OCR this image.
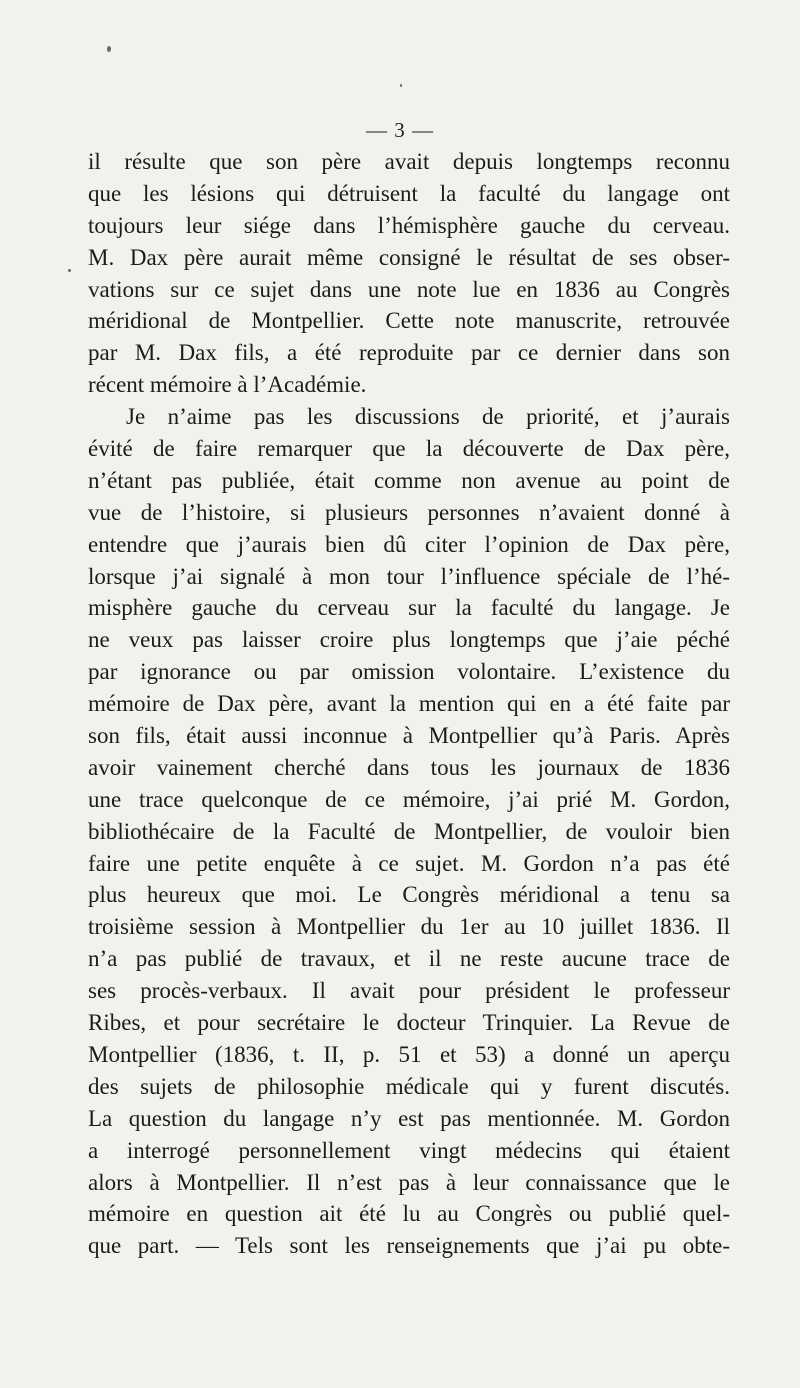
— 3 —
il résulte que son père avait depuis longtemps reconnu
que les lésions qui détruisent la faculté du langage ont
toujours leur siége dans l’hémisphère gauche du cerveau.
M. Dax père aurait même consigné le résultat de ses obser-
vations sur ce sujet dans une note lue en 1836 au Congrès
méridional de Montpellier. Cette note manuscrite, retrouvée
par M. Dax fils, a été reproduite par ce dernier dans son
récent mémoire à l’Académie.
Je n’aime pas les discussions de priorité, et j’aurais
évité de faire remarquer que la découverte de Dax père,
n’étant pas publiée, était comme non avenue au point de
vue de l’histoire, si plusieurs personnes n’avaient donné à
entendre que j’aurais bien dû citer l’opinion de Dax père,
lorsque j’ai signalé à mon tour l’influence spéciale de l’hé-
misphère gauche du cerveau sur la faculté du langage. Je
ne veux pas laisser croire plus longtemps que j’aie péché
par ignorance ou par omission volontaire. L’existence du
mémoire de Dax père, avant la mention qui en a été faite par
son fils, était aussi inconnue à Montpellier qu’à Paris. Après
avoir vainement cherché dans tous les journaux de 1836
une trace quelconque de ce mémoire, j’ai prié M. Gordon,
bibliothécaire de la Faculté de Montpellier, de vouloir bien
faire une petite enquête à ce sujet. M. Gordon n’a pas été
plus heureux que moi. Le Congrès méridional a tenu sa
troisième session à Montpellier du 1er au 10 juillet 1836. Il
n’a pas publié de travaux, et il ne reste aucune trace de
ses procès-verbaux. Il avait pour président le professeur
Ribes, et pour secrétaire le docteur Trinquier. La Revue de
Montpellier (1836, t. II, p. 51 et 53) a donné un aperçu
des sujets de philosophie médicale qui y furent discutés.
La question du langage n’y est pas mentionnée. M. Gordon
a interrogé personnellement vingt médecins qui étaient
alors à Montpellier. Il n’est pas à leur connaissance que le
mémoire en question ait été lu au Congrès ou publié quel-
que part. — Tels sont les renseignements que j’ai pu obte-
